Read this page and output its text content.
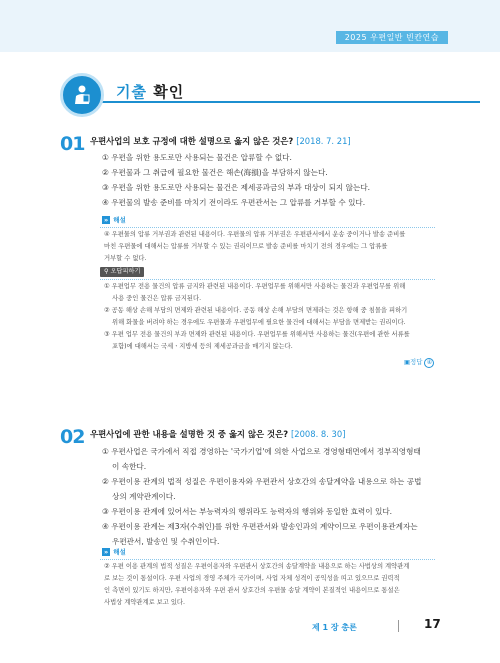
2025 우편일반 빈칸연습
기출 확인
01 우편사업의 보호 규정에 대한 설명으로 옳지 않은 것은? [2018. 7. 21]
① 우편을 위한 용도로만 사용되는 물건은 압류할 수 없다.
② 우편물과 그 취급에 필요한 물건은 해손(海損)을 부담하지 않는다.
③ 우편을 위한 용도로만 사용되는 물건은 제세공과금의 부과 대상이 되지 않는다.
④ 우편물의 발송 준비를 마치기 전이라도 우편관서는 그 압류를 거부할 수 있다.
» 해설
④ 우편물의 압류 거부권과 관련된 내용이다. 우편물의 압류 거부권은 우편관서에서 운송 중이거나 발송 준비를
마친 우편물에 대해서는 압류를 거부할 수 있는 권리이므로 발송 준비를 마치기 전의 경우에는 그 압류를
거부할 수 없다.
⚲ 오답피하기
① 우편업무 전용 물건의 압류 금지와 관련된 내용이다. 우편업무를 위해서만 사용하는 물건과 우편업무를 위해
사용 중인 물건은 압류 금지된다.
② 공동 해상 손해 부담의 면제와 관련된 내용이다. 공동 해상 손해 부담의 면제라는 것은 항해 중 침몰을 피하기
위해 화물을 버려야 하는 경우에도 우편물과 우편업무에 필요한 물건에 대해서는 부담을 면제받는 권리이다.
③ 우편 업무 전용 물건의 부과 면제와 관련된 내용이다. 우편업무를 위해서만 사용하는 물건(우편에 관한 서류를
포함)에 대해서는 국세ㆍ지방세 등의 제세공과금을 매기지 않는다.
▣정답 ④
02 우편사업에 관한 내용을 설명한 것 중 옳지 않은 것은? [2008. 8. 30]
① 우편사업은 국가에서 직접 경영하는 '국가기업'에 의한 사업으로 경영형태면에서 정부직영형태
이 속한다.
② 우편이용 관계의 법적 성질은 우편이용자와 우편관서 상호간의 송달계약을 내용으로 하는 공법
상의 계약관계이다.
③ 우편이용 관계에 있어서는 부능력자의 행위라도 능력자의 행위와 동일한 효력이 있다.
④ 우편이용 관계는 제3자(수취인)를 위한 우편관서와 발송인과의 계약이므로 우편이용관계자는
우편관서, 발송인 및 수취인이다.
» 해설
② 우편 이용 관계의 법적 성질은 우편이용자와 우편관서 상호간의 송달계약을 내용으로 하는 사법상의 계약관계
로 보는 것이 통설이다. 우편 사업의 경영 주체가 국가이며, 사업 자체 성격이 공익성을 띠고 있으므로 권력적
인 측면이 있기도 하지만, 우편이용자와 우편 관서 상호간의 우편물 송달 계약이 본질적인 내용이므로 통설은
사법상 계약관계로 보고 있다.
제 1 장 총론	17
